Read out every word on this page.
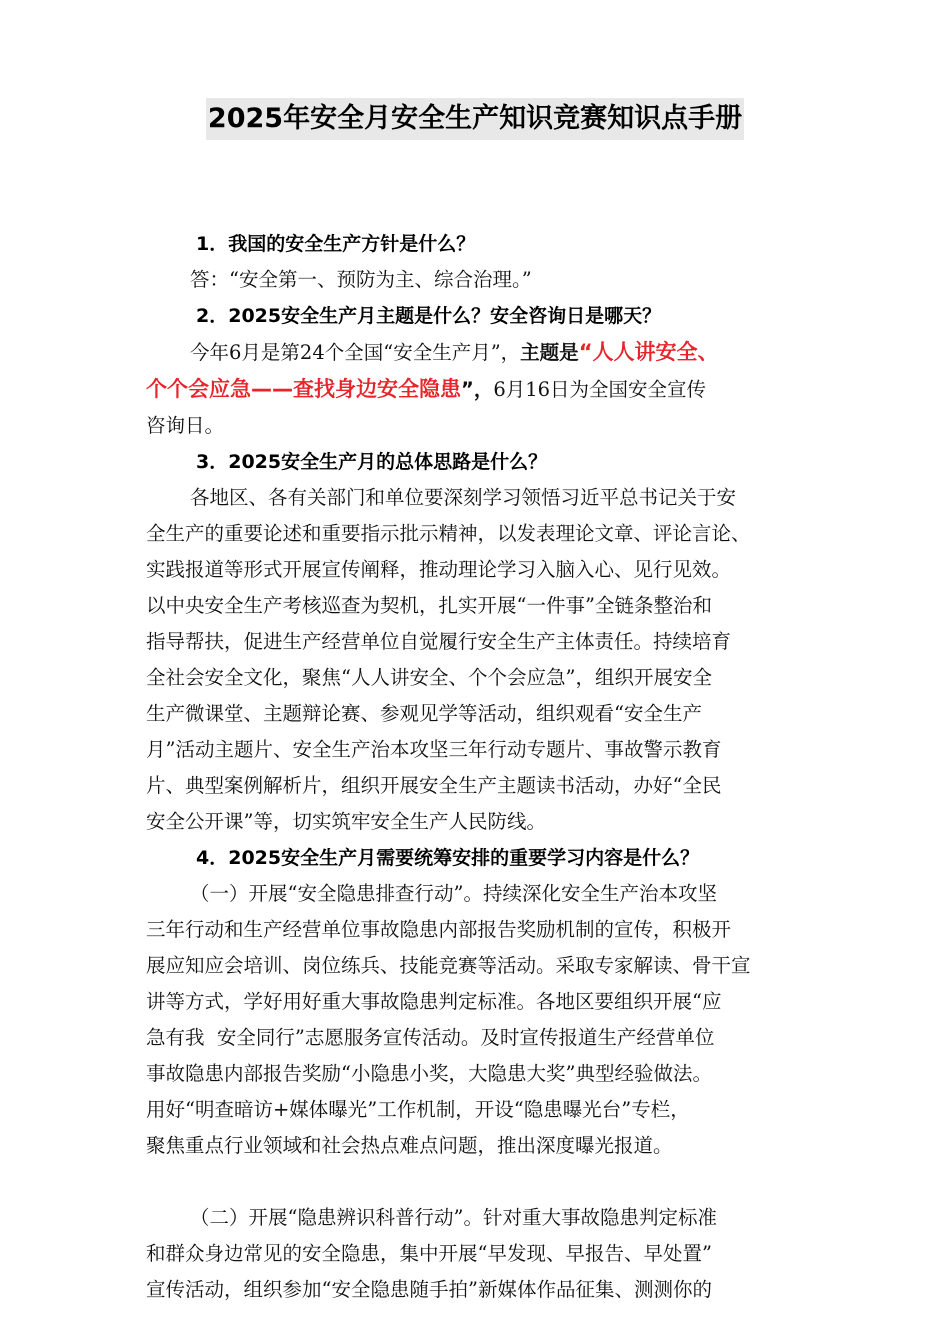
2025年安全月安全生产知识竞赛知识点手册
1．我国的安全生产方针是什么？
答：“安全第一、预防为主、综合治理。”
2．2025安全生产月主题是什么？安全咨询日是哪天？
今年6月是第24个全国“安全生产月”，主题是“人人讲安全、
个个会应急——查找身边安全隐患”，6月16日为全国安全宣传
咨询日。
3．2025安全生产月的总体思路是什么？
各地区、各有关部门和单位要深刻学习领悟习近平总书记关于安
全生产的重要论述和重要指示批示精神，以发表理论文章、评论言论、
实践报道等形式开展宣传阐释，推动理论学习入脑入心、见行见效。
以中央安全生产考核巡查为契机，扎实开展“一件事”全链条整治和
指导帮扶，促进生产经营单位自觉履行安全生产主体责任。持续培育
全社会安全文化，聚焦“人人讲安全、个个会应急”，组织开展安全
生产微课堂、主题辩论赛、参观见学等活动，组织观看“安全生产
月”活动主题片、安全生产治本攻坚三年行动专题片、事故警示教育
片、典型案例解析片，组织开展安全生产主题读书活动，办好“全民
安全公开课”等，切实筑牢安全生产人民防线。
4．2025安全生产月需要统筹安排的重要学习内容是什么？
（一）开展“安全隐患排查行动”。持续深化安全生产治本攻坚
三年行动和生产经营单位事故隐患内部报告奖励机制的宣传，积极开
展应知应会培训、岗位练兵、技能竞赛等活动。采取专家解读、骨干宣
讲等方式，学好用好重大事故隐患判定标准。各地区要组织开展“应
急有我  安全同行”志愿服务宣传活动。及时宣传报道生产经营单位
事故隐患内部报告奖励“小隐患小奖，大隐患大奖”典型经验做法。
用好“明查暗访+媒体曝光”工作机制，开设“隐患曝光台”专栏，
聚焦重点行业领域和社会热点难点问题，推出深度曝光报道。
（二）开展“隐患辨识科普行动”。针对重大事故隐患判定标准
和群众身边常见的安全隐患，集中开展“早发现、早报告、早处置”
宣传活动，组织参加“安全隐患随手拍”新媒体作品征集、测测你的
